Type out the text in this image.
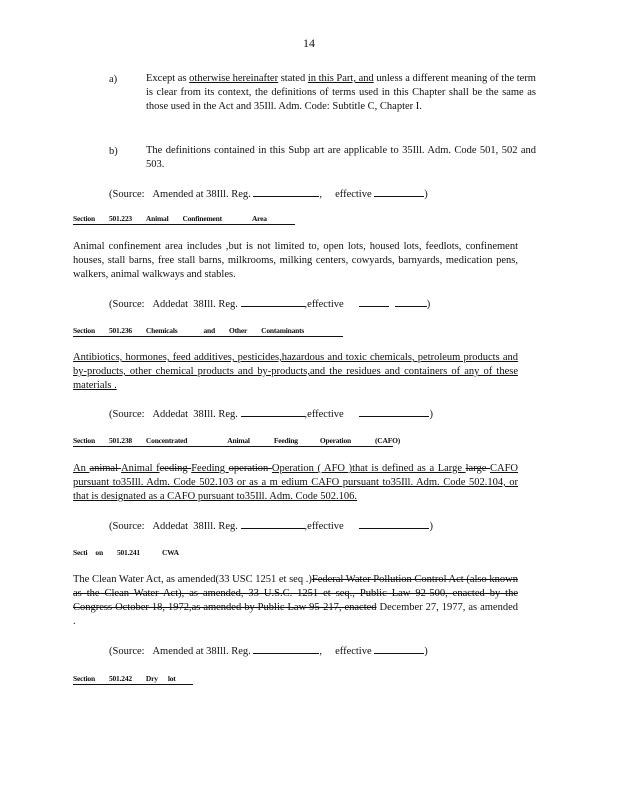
14
a)	Except as otherwise hereinafter stated in this Part, and unless a different meaning of the term is clear from its context, the definitions of terms used in this Chapter shall be the same as those used in the Act and 35Ill. Adm. Code: Subtitle C, Chapter I.
b)	The definitions contained in this Subp art are applicable to 35Ill. Adm. Code 501, 502 and 503.
(Source: Amended at 38Ill. Reg.	,     effective	)
Section 501.223 Animal Confinement	Area
Animal confinement area includes ,but is not limited to, open lots, housed lots, feedlots, confinement houses, stall barns, free stall barns, milkrooms, milking centers, cowyards, barnyards, medication pens, walkers, animal walkways and stables.
(Source: Addedat 38Ill. Reg.	,effective	)
Section 501.236 Chemicals	and Other Contaminants
Antibiotics, hormones, feed additives, pesticides,hazardous and toxic chemicals, petroleum products and by-products, other chemical products and by-products,and the residues and containers of any of these materials .
(Source: Addedat 38Ill. Reg.	,effective	)
Section 501.238 Concentrated	Animal	Feeding	Operation	(CAFO)
An animal Animal feeding Feeding operation Operation ( AFO )that is defined as a Large large CAFO pursuant to35Ill. Adm. Code 502.103 or as a m edium CAFO pursuant to35Ill. Adm. Code 502.104, or that is designated as a CAFO pursuant to35Ill. Adm. Code 502.106.
(Source: Addedat 38Ill. Reg.	,effective	)
Secti on 501.241	CWA
The Clean Water Act, as amended(33 USC 1251 et seq .)Federal Water Pollution Control Act (also known as the Clean Water Act), as amended, 33 U.S.C. 1251 et seq., Public Law 92-500, enacted by the Congress October 18, 1972,as amended by Public Law 95-217, enacted December 27, 1977, as amended .
(Source: Amended at 38Ill. Reg.	,     effective	)
Section 501.242 Dry lot
